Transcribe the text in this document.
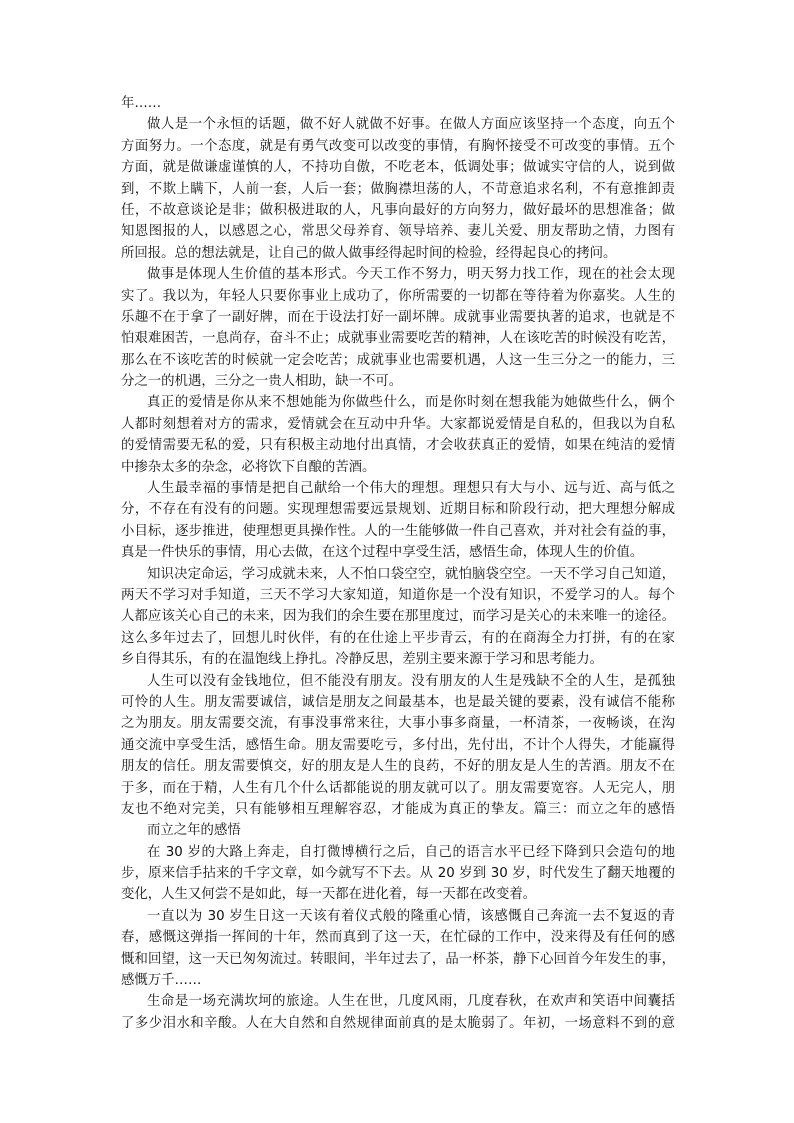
年……
做人是一个永恒的话题，做不好人就做不好事。在做人方面应该坚持一个态度，向五个
方面努力。一个态度，就是有勇气改变可以改变的事情，有胸怀接受不可改变的事情。五个
方面，就是做谦虚谨慎的人，不持功自傲，不吃老本，低调处事；做诚实守信的人，说到做
到，不欺上瞒下，人前一套，人后一套；做胸襟坦荡的人，不苛意追求名利，不有意推卸责
任，不故意谈论是非；做积极进取的人，凡事向最好的方向努力，做好最坏的思想准备；做
知恩图报的人，以感恩之心，常思父母养育、领导培养、妻儿关爱、朋友帮助之情，力图有
所回报。总的想法就是，让自己的做人做事经得起时间的检验，经得起良心的拷问。
做事是体现人生价值的基本形式。今天工作不努力，明天努力找工作，现在的社会太现
实了。我以为，年轻人只要你事业上成功了，你所需要的一切都在等待着为你嘉奖。人生的
乐趣不在于拿了一副好牌，而在于设法打好一副坏牌。成就事业需要执著的追求，也就是不
怕艰难困苦，一息尚存，奋斗不止；成就事业需要吃苦的精神，人在该吃苦的时候没有吃苦，
那么在不该吃苦的时候就一定会吃苦；成就事业也需要机遇，人这一生三分之一的能力，三
分之一的机遇，三分之一贵人相助，缺一不可。
真正的爱情是你从来不想她能为你做些什么，而是你时刻在想我能为她做些什么，俩个
人都时刻想着对方的需求，爱情就会在互动中升华。大家都说爱情是自私的，但我以为自私
的爱情需要无私的爱，只有积极主动地付出真情，才会收获真正的爱情，如果在纯洁的爱情
中掺杂太多的杂念，必将饮下自酿的苦酒。
人生最幸福的事情是把自己献给一个伟大的理想。理想只有大与小、远与近、高与低之
分，不存在有没有的问题。实现理想需要远景规划、近期目标和阶段行动，把大理想分解成
小目标，逐步推进，使理想更具操作性。人的一生能够做一件自己喜欢，并对社会有益的事，
真是一件快乐的事情，用心去做，在这个过程中享受生活，感悟生命，体现人生的价值。
知识决定命运，学习成就未来，人不怕口袋空空，就怕脑袋空空。一天不学习自己知道，
两天不学习对手知道，三天不学习大家知道，知道你是一个没有知识，不爱学习的人。每个
人都应该关心自己的未来，因为我们的余生要在那里度过，而学习是关心的未来唯一的途径。
这么多年过去了，回想儿时伙伴，有的在仕途上平步青云，有的在商海全力打拼，有的在家
乡自得其乐，有的在温饱线上挣扎。冷静反思，差别主要来源于学习和思考能力。
人生可以没有金钱地位，但不能没有朋友。没有朋友的人生是残缺不全的人生，是孤独
可怜的人生。朋友需要诚信，诚信是朋友之间最基本，也是最关键的要素，没有诚信不能称
之为朋友。朋友需要交流，有事没事常来往，大事小事多商量，一杯清茶，一夜畅谈，在沟
通交流中享受生活，感悟生命。朋友需要吃亏，多付出，先付出，不计个人得失，才能赢得
朋友的信任。朋友需要慎交，好的朋友是人生的良药，不好的朋友是人生的苦酒。朋友不在
于多，而在于精，人生有几个什么话都能说的朋友就可以了。朋友需要宽容。人无完人，朋
友也不绝对完美，只有能够相互理解容忍，才能成为真正的挚友。篇三：而立之年的感悟
而立之年的感悟
在 30 岁的大路上奔走，自打微博横行之后，自己的语言水平已经下降到只会造句的地
步，原来信手拈来的千字文章，如今就写不下去。从 20 岁到 30 岁，时代发生了翻天地覆的
变化，人生又何尝不是如此，每一天都在进化着，每一天都在改变着。
一直以为 30 岁生日这一天该有着仪式般的隆重心情，该感慨自己奔流一去不复返的青
春，感慨这弹指一挥间的十年，然而真到了这一天，在忙碌的工作中，没来得及有任何的感
慨和回望，这一天已匆匆流过。转眼间，半年过去了，品一杯茶，静下心回首今年发生的事，
感慨万千……
生命是一场充满坎坷的旅途。人生在世，几度风雨，几度春秋，在欢声和笑语中间囊括
了多少泪水和辛酸。人在大自然和自然规律面前真的是太脆弱了。年初，一场意料不到的意
